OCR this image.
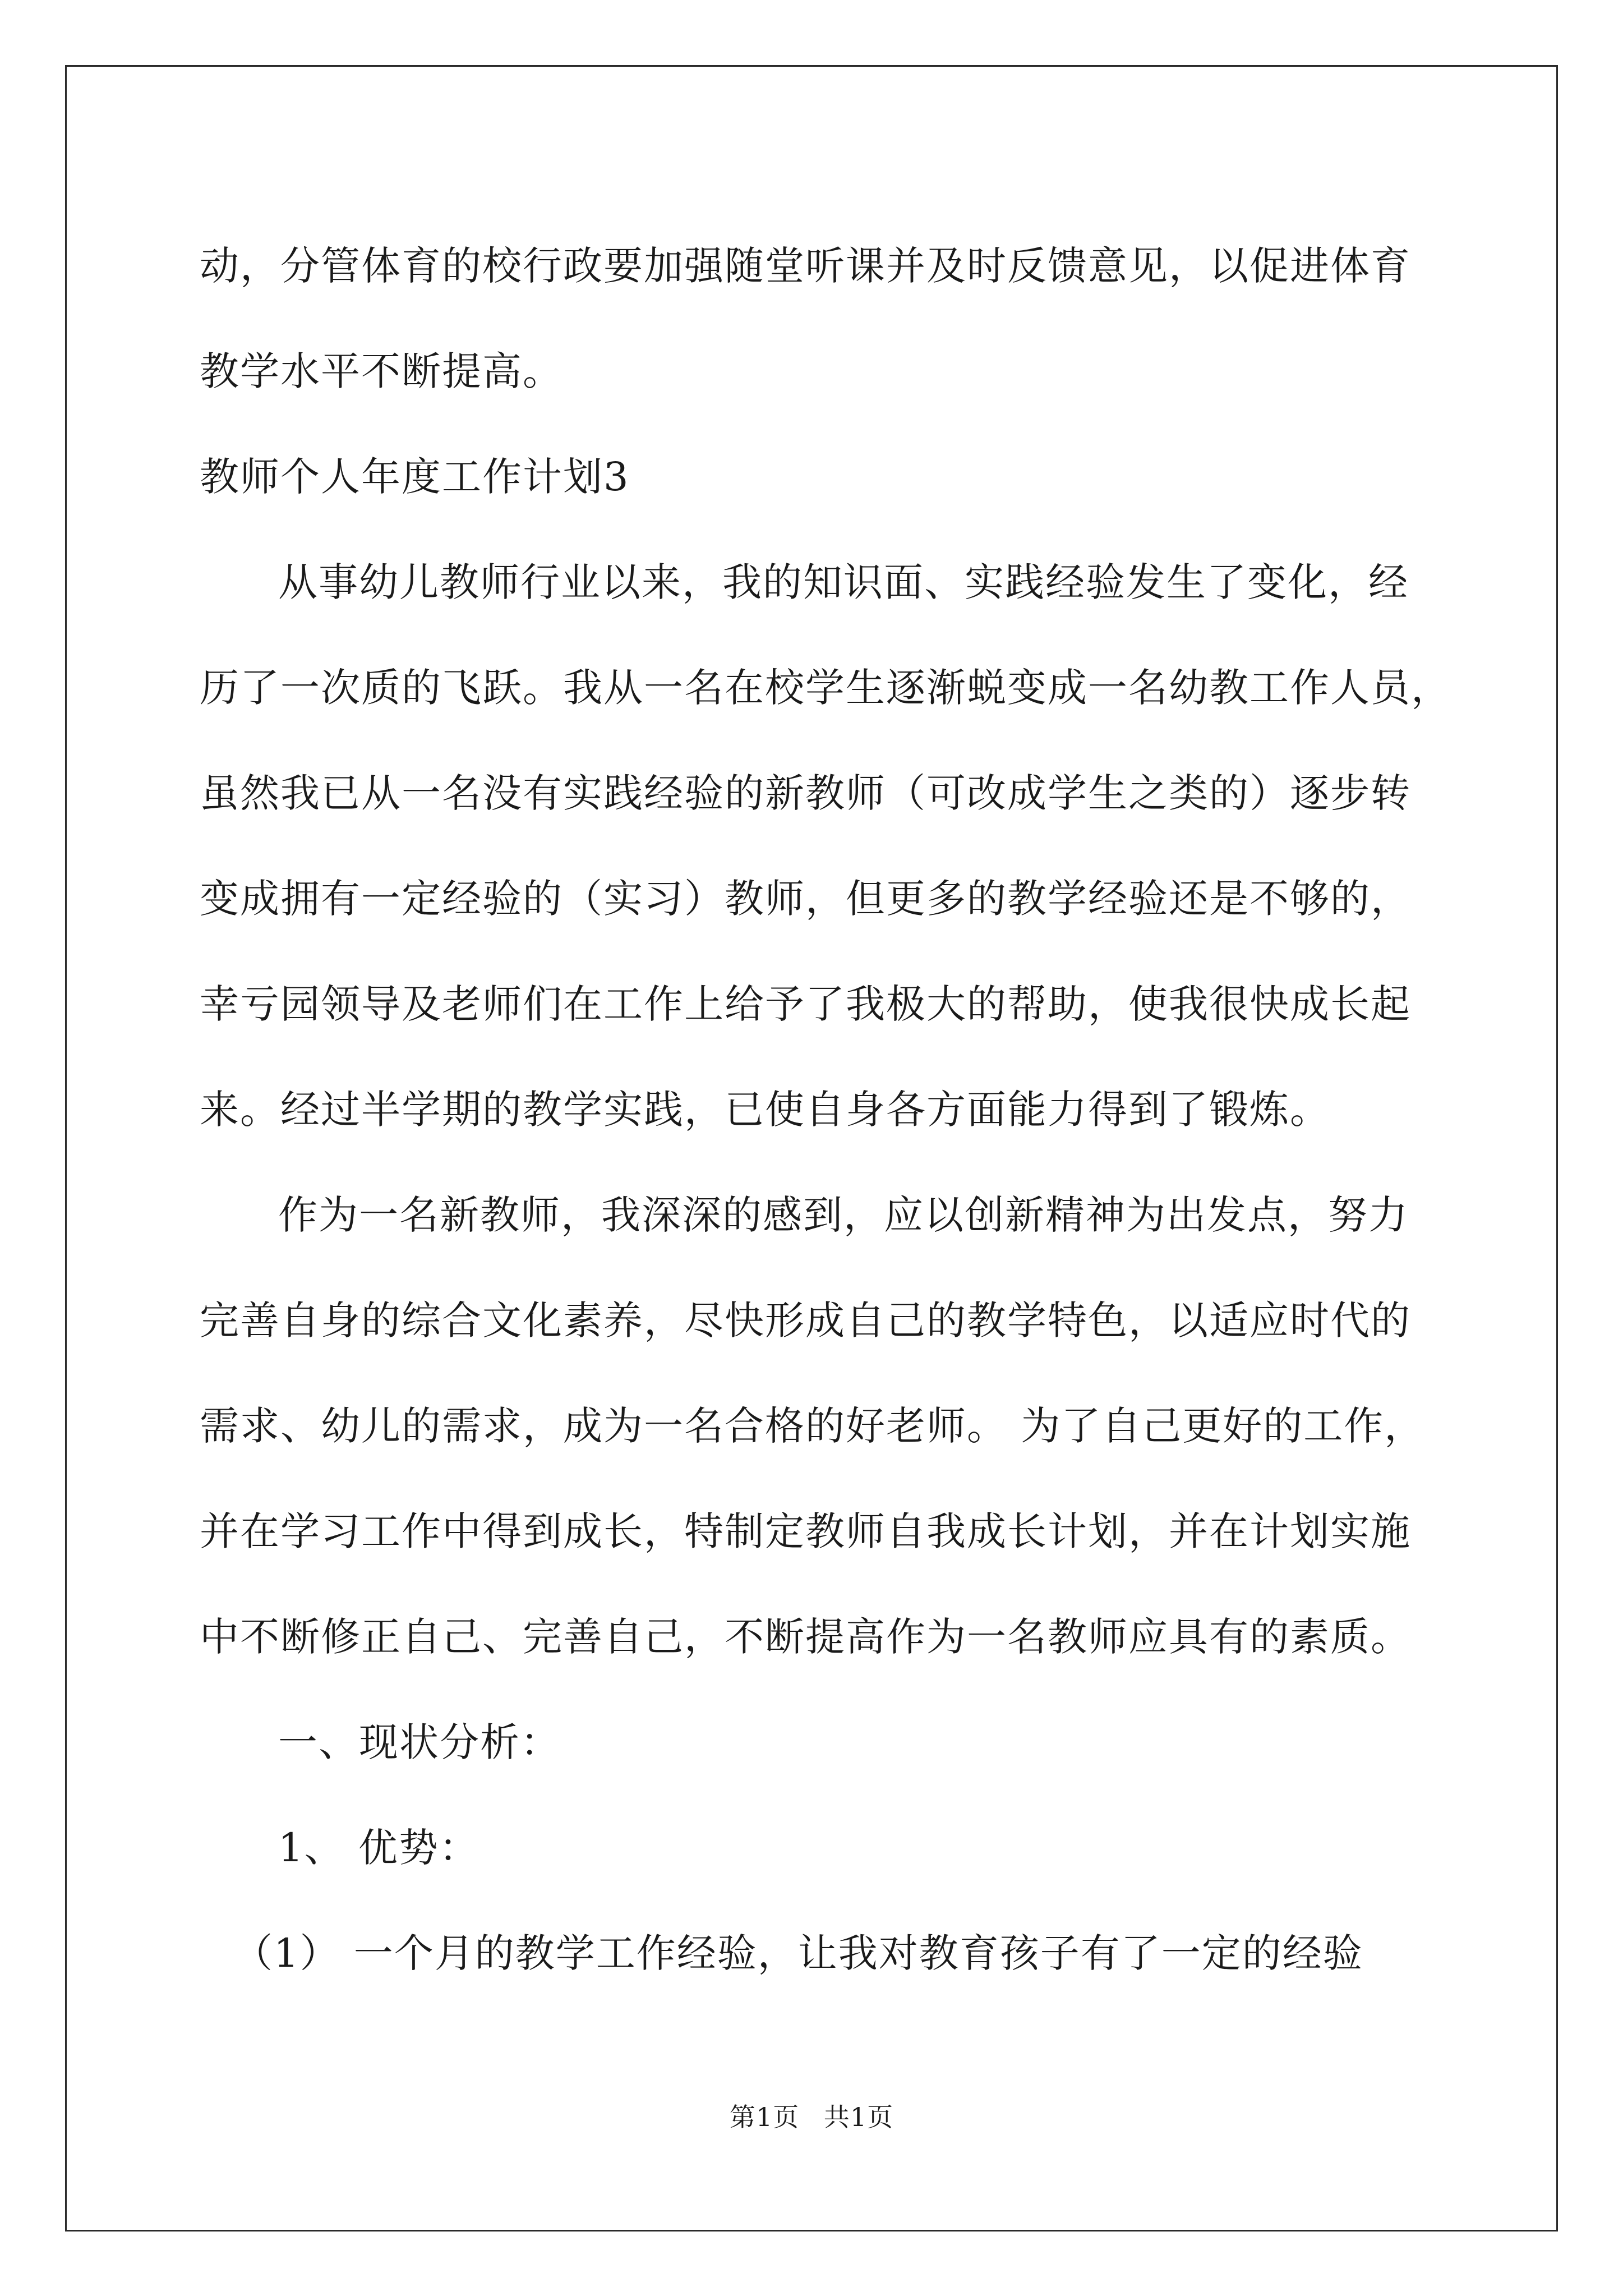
动，分管体育的校行政要加强随堂听课并及时反馈意见，以促进体育
教学水平不断提高。
教师个人年度工作计划3
从事幼儿教师行业以来，我的知识面、实践经验发生了变化，经
历了一次质的飞跃。我从一名在校学生逐渐蜕变成一名幼教工作人员，
虽然我已从一名没有实践经验的新教师（可改成学生之类的）逐步转
变成拥有一定经验的（实习）教师，但更多的教学经验还是不够的，
幸亏园领导及老师们在工作上给予了我极大的帮助，使我很快成长起
来。经过半学期的教学实践，已使自身各方面能力得到了锻炼。
作为一名新教师，我深深的感到，应以创新精神为出发点，努力
完善自身的综合文化素养，尽快形成自己的教学特色，以适应时代的
需求、幼儿的需求，成为一名合格的好老师。 为了自己更好的工作，
并在学习工作中得到成长，特制定教师自我成长计划，并在计划实施
中不断修正自己、完善自己，不断提高作为一名教师应具有的素质。
一、现状分析：
1、 优势：
（1） 一个月的教学工作经验，让我对教育孩子有了一定的经验
第1页 共1页
